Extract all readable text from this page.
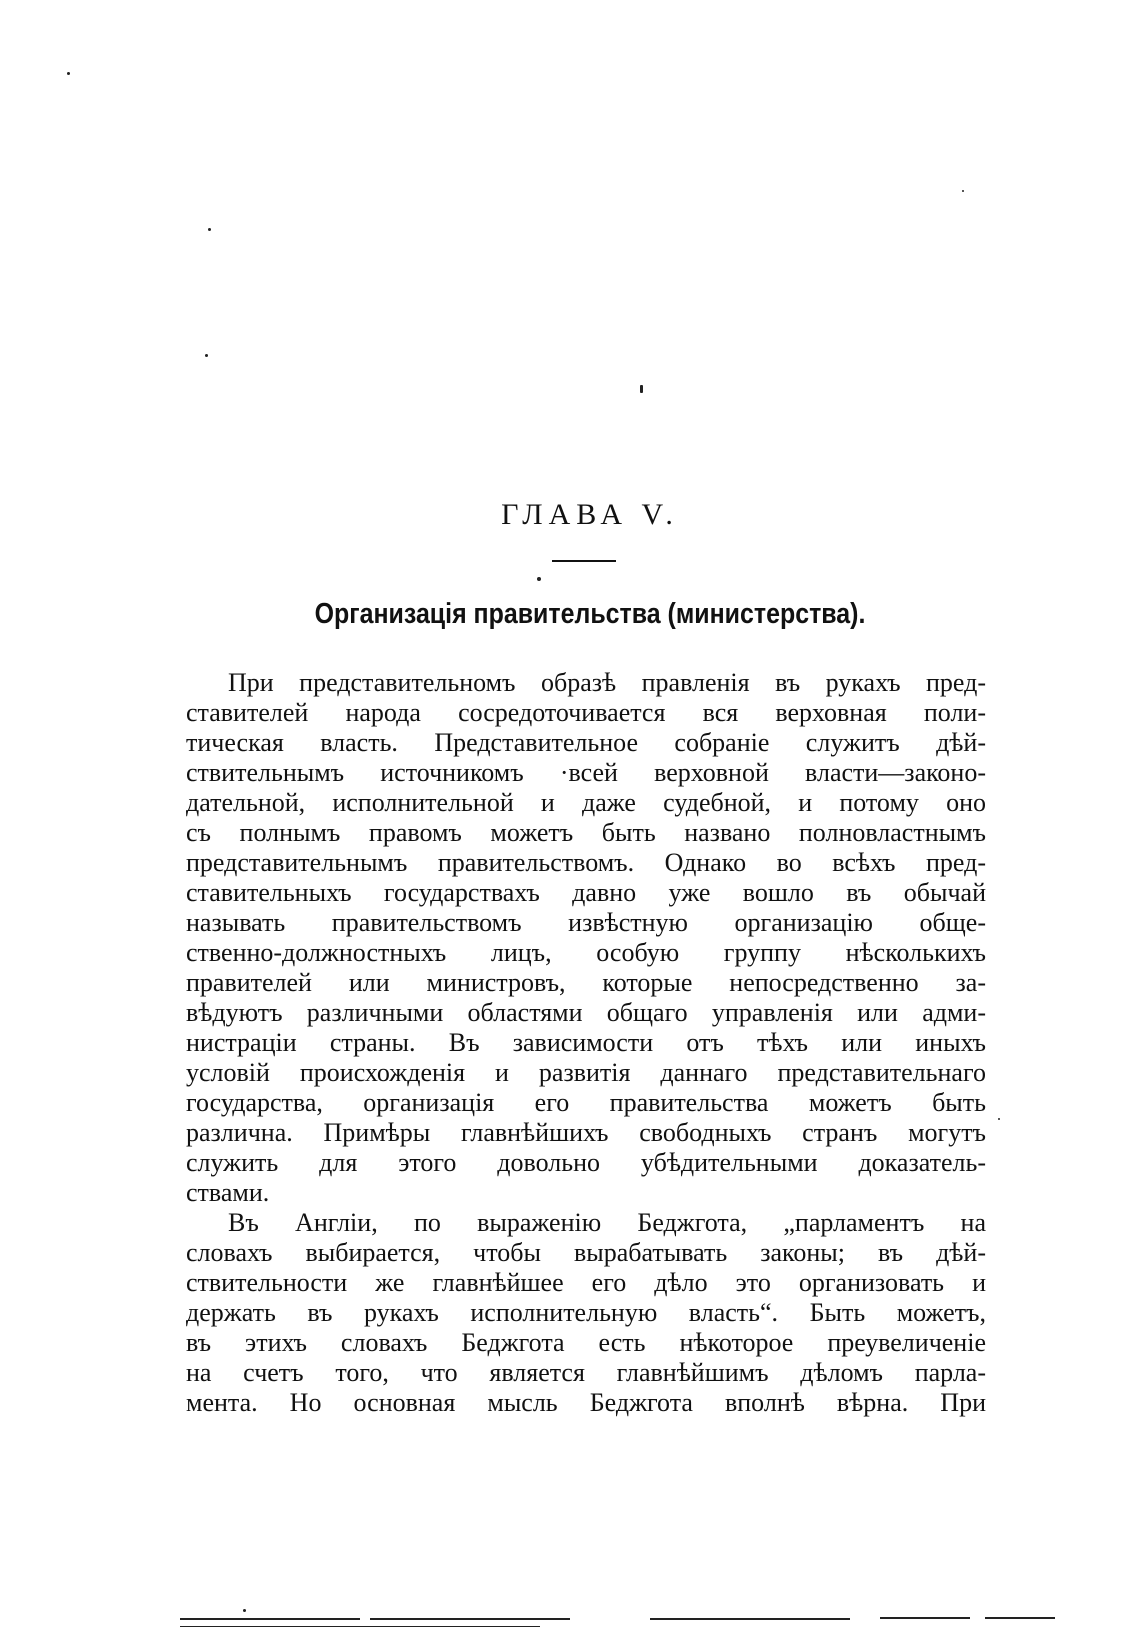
ГЛАВА V.
Организація правительства (министерства).
При представительномъ образѣ правленія въ рукахъ пред-
ставителей народа сосредоточивается вся верховная поли-
тическая власть. Представительное собраніе служитъ дѣй-
ствительнымъ источникомъ ·всей верховной власти—законо-
дательной, исполнительной и даже судебной, и потому оно
съ полнымъ правомъ можетъ быть названо полновластнымъ
представительнымъ правительствомъ. Однако во всѣхъ пред-
ставительныхъ государствахъ давно уже вошло въ обычай
называть правительствомъ извѣстную организацію обще-
ственно-должностныхъ лицъ, особую группу нѣсколькихъ
правителей или министровъ, которые непосредственно за-
вѣдуютъ различными областями общаго управленія или адми-
нистраціи страны. Въ зависимости отъ тѣхъ или иныхъ
условій происхожденія и развитія даннаго представительнаго
государства, организація его правительства можетъ быть
различна. Примѣры главнѣйшихъ свободныхъ странъ могутъ
служить для этого довольно убѣдительными доказатель-
ствами.
Въ Англіи, по выраженію Беджгота, „парламентъ на
словахъ выбирается, чтобы вырабатывать законы; въ дѣй-
ствительности же главнѣйшее его дѣло это организовать и
держать въ рукахъ исполнительную власть“. Быть можетъ,
въ этихъ словахъ Беджгота есть нѣкоторое преувеличеніе
на счетъ того, что является главнѣйшимъ дѣломъ парла-
мента. Но основная мысль Беджгота вполнѣ вѣрна. При
